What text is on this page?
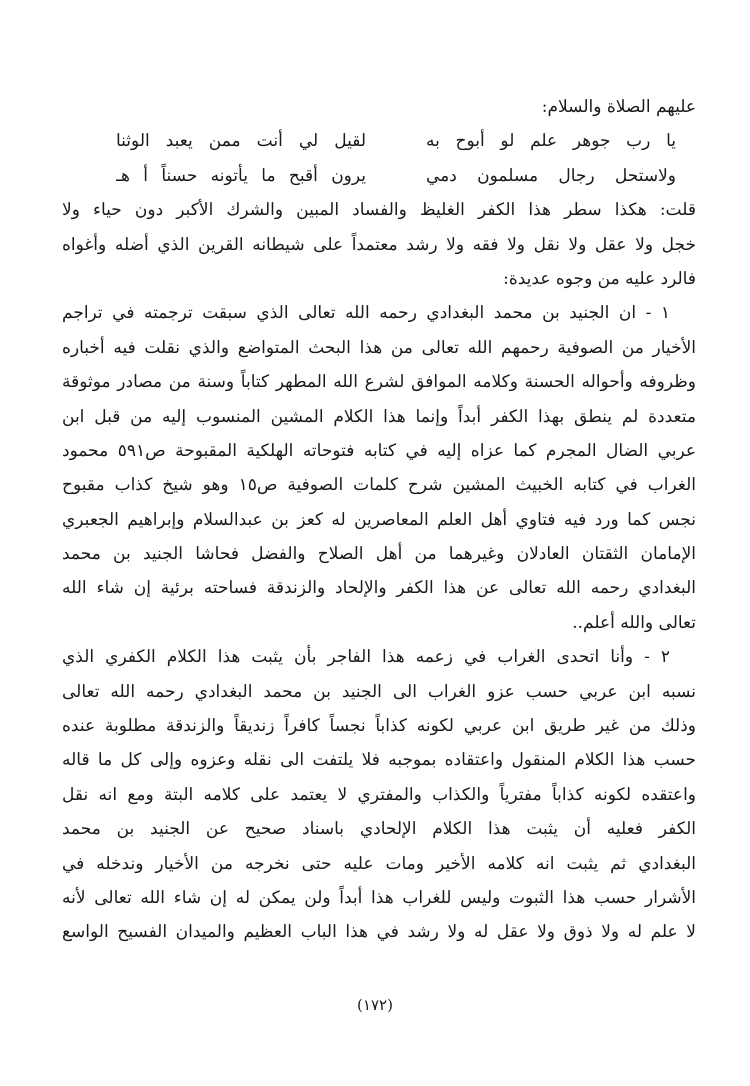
عليهم الصلاة والسلام:
يا رب جوهر علم لو أبوح به
لقيل لي أنت ممن يعبد الوثنا
ولاستحل رجال مسلمون دمي
يرون أقبح ما يأتونه حسناً أ هـ
قلت: هكذا سطر هذا الكفر الغليظ والفساد المبين والشرك الأكبر دون حياء ولا
خجل ولا عقل ولا نقل ولا فقه ولا رشد معتمداً على شيطانه القرين الذي أضله وأغواه
فالرد عليه من وجوه عديدة:
١ - ان الجنيد بن محمد البغدادي رحمه الله تعالى الذي سبقت ترجمته في تراجم
الأخيار من الصوفية رحمهم الله تعالى من هذا البحث المتواضع والذي نقلت فيه أخباره
وظروفه وأحواله الحسنة وكلامه الموافق لشرع الله المطهر كتاباً وسنة من مصادر موثوقة
متعددة لم ينطق بهذا الكفر أبداً وإنما هذا الكلام المشين المنسوب إليه من قبل ابن
عربي الضال المجرم كما عزاه إليه في كتابه فتوحاته الهلكية المقبوحة ص٥٩١ محمود
الغراب في كتابه الخبيث المشين شرح كلمات الصوفية ص١٥ وهو شيخ كذاب مقبوح
نجس كما ورد فيه فتاوي أهل العلم المعاصرين له كعز بن عبدالسلام وإبراهيم الجعبري
الإمامان الثقتان العادلان وغيرهما من أهل الصلاح والفضل فحاشا الجنيد بن محمد
البغدادي رحمه الله تعالى عن هذا الكفر والإلحاد والزندقة فساحته برئية إن شاء الله
تعالى والله أعلم..
٢ - وأنا اتحدى الغراب في زعمه هذا الفاجر بأن يثبت هذا الكلام الكفري الذي
نسبه ابن عربي حسب عزو الغراب الى الجنيد بن محمد البغدادي رحمه الله تعالى
وذلك من غير طريق ابن عربي لكونه كذاباً نجساً كافراً زنديقاً والزندقة مطلوبة عنده
حسب هذا الكلام المنقول واعتقاده بموجبه فلا يلتفت الى نقله وعزوه وإلى كل ما قاله
واعتقده لكونه كذاباً مفترياً والكذاب والمفتري لا يعتمد على كلامه البتة ومع انه نقل
الكفر فعليه أن يثبت هذا الكلام الإلحادي باسناد صحيح عن الجنيد بن محمد
البغدادي ثم يثبت انه كلامه الأخير ومات عليه حتى نخرجه من الأخيار وندخله في
الأشرار حسب هذا الثبوت وليس للغراب هذا أبداً ولن يمكن له إن شاء الله تعالى لأنه
لا علم له ولا ذوق ولا عقل له ولا رشد في هذا الباب العظيم والميدان الفسيح الواسع
(١٧٢)
